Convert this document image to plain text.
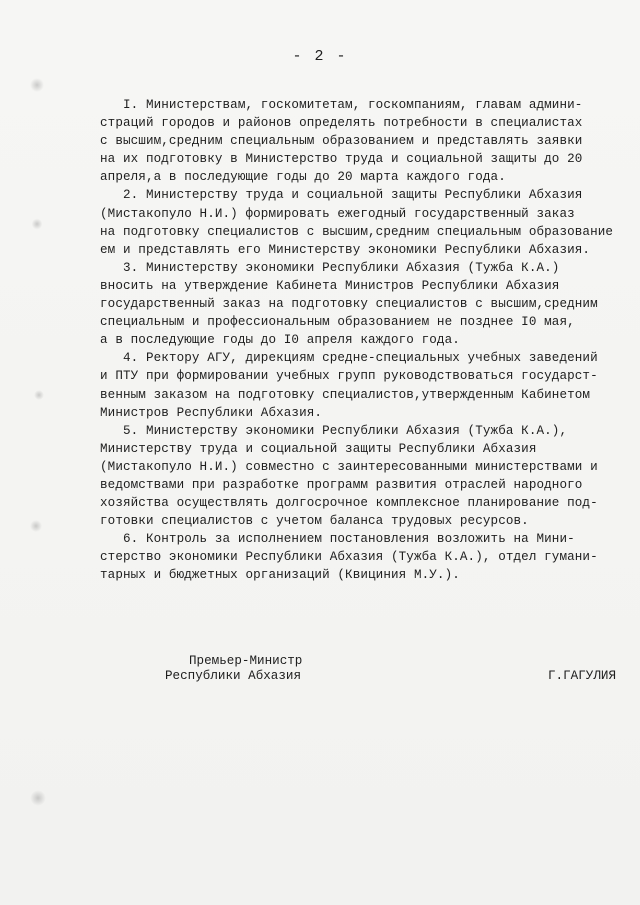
- 2 -
I. Министерствам, госкомитетам, госкомпаниям, главам админи-
страций городов и районов определять потребности в специалистах
с высшим,средним специальным образованием и представлять заявки
на их подготовку в Министерство труда и социальной защиты до 20
апреля,а в последующие годы до 20 марта каждого года.
2. Министерству труда и социальной защиты Республики Абхазия
(Мистакопуло Н.И.) формировать ежегодный государственный заказ
на подготовку специалистов с высшим,средним специальным образование
ем и представлять его Министерству экономики Республики Абхазия.
3. Министерству экономики Республики Абхазия (Тужба К.А.)
вносить на утверждение Кабинета Министров Республики Абхазия
государственный заказ на подготовку специалистов с высшим,средним
специальным и профессиональным образованием не позднее I0 мая,
а в последующие годы до I0 апреля каждого года.
4. Ректору АГУ, дирекциям средне-специальных учебных заведений
и ПТУ при формировании учебных групп руководствоваться государст-
венным заказом на подготовку специалистов,утвержденным Кабинетом
Министров Республики Абхазия.
5. Министерству экономики Республики Абхазия (Тужба К.А.),
Министерству труда и социальной защиты Республики Абхазия
(Мистакопуло Н.И.) совместно с заинтересованными министерствами и
ведомствами при разработке программ развития отраслей народного
хозяйства осуществлять долгосрочное комплексное планирование под-
готовки специалистов с учетом баланса трудовых ресурсов.
6. Контроль за исполнением постановления возложить на Мини-
стерство экономики Республики Абхазия (Тужба К.А.), отдел гумани-
тарных и бюджетных организаций (Квициния М.У.).
Премьер-Министр
Республики Абхазия	Г.ГАГУЛИЯ
